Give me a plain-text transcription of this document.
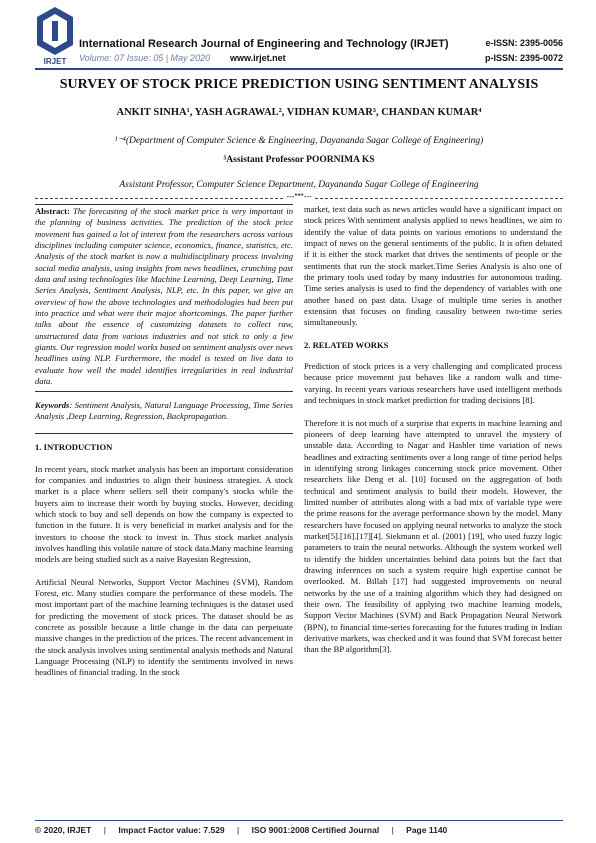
IRJET
International Research Journal of Engineering and Technology (IRJET)
Volume: 07 Issue: 05 | May 2020 www.irjet.net
e-ISSN: 2395-0056
p-ISSN: 2395-0072
SURVEY OF STOCK PRICE PREDICTION USING SENTIMENT ANALYSIS
ANKIT SINHA¹, YASH AGRAWAL², VIDHAN KUMAR³, CHANDAN KUMAR⁴
¹⁻⁴(Department of Computer Science & Engineering, Dayananda Sagar College of Engineering)
⁵Assistant Professor POORNIMA KS
Assistant Professor, Computer Science Department, Dayananda Sagar College of Engineering
---***---

Abstract: The forecasting of the stock market price is very important in the planning of business activities. The prediction of the stock price movement has gained a lot of interest from the researchers across various disciplines including computer science, economics, finance, statistics, etc. Analysis of the stock market is now a multidisciplinary process involving social media analysis, using insights from news headlines, crunching past data and using technologies like Machine Learning, Deep Learning, Time Series Analysis, Sentiment Analysis, NLP, etc. In this paper, we give an overview of how the above technologies and methodologies had been put into practice and what were their major shortcomings. The paper further talks about the essence of customizing datasets to collect raw, unstructured data from various industries and not stick to only a few giants. Our regression model works based on sentiment analysis over news headlines using NLP. Furthermore, the model is tested on live data to evaluate how well the model identifies irregularities in real industrial data.

Keywords: Sentiment Analysis, Natural Language Processing, Time Series Analysis ,Deep Learning, Regression, Backpropagation.

1. INTRODUCTION

In recent years, stock market analysis has been an important consideration for companies and industries to align their business strategies. A stock market is a place where sellers sell their company's stocks while the buyers aim to increase their worth by buying stocks. However, deciding which stock to buy and sell depends on how the company is expected to function in the future. It is very beneficial in market analysis and for the investors to choose the stock to invest in. Thus stock market analysis involves handling this volatile nature of stock data.Many machine learning models are being studied such as a naive Bayesian Regression,

Artificial Neural Networks, Support Vector Machines (SVM), Random Forest, etc. Many studies compare the performance of these models. The most important part of the machine learning techniques is the dataset used for predicting the movement of stock prices. The dataset should be as concrete as possible because a little change in the data can perpetuate massive changes in the prediction of the prices. The recent advancement in the stock analysis involves using sentimental analysis methods and Natural Language Processing (NLP) to identify the sentiments involved in news headlines of financial trading. In the stock

market, text data such as news articles would have a significant impact on stock prices With sentiment analysis applied to news headlines, we aim to identify the value of data points on various emotions to understand the impact of news on the general sentiments of the public. It is often debated if it is either the stock market that drives the sentiments of people or the sentiments that run the stock market.Time Series Analysis is also one of the primary tools used today by many industries for autonomous trading. Time series analysis is used to find the dependency of variables with one another based on past data. Usage of multiple time series is another extension that focuses on finding causality between two-time series simultaneously.

2. RELATED WORKS

Prediction of stock prices is a very challenging and complicated process because price movement just behaves like a random walk and time-varying. In recent years various researchers have used intelligent methods and techniques in stock market prediction for trading decisions [8].

Therefore it is not much of a surprise that experts in machine learning and pioneers of deep learning have attempted to unravel the mystery of unstable data. According to Nagar and Hashler time variation of news headlines and extracting sentiments over a long range of time period helps in identifying strong linkages concerning stock price movement. Other researchers like Deng et al. [10] focused on the aggregation of both technical and sentiment analysis to build their models. However, the limited number of attributes along with a bad mix of variable type were the prime reasons for the average performance shown by the model. Many researchers have focused on applying neural networks to analyze the stock market[5].[16].[17][4]. Siekmann et al. (2001) [19], who used fuzzy logic parameters to train the neural networks. Although the system worked well to identify the hidden uncertainties behind data points but the fact that drawing inferences on such a system require high expertise cannot be overlooked. M. Billah [17] had suggested improvements on neural networks by the use of a training algorithm which they had designed on their own. The feasibility of applying two machine learning models, Support Vector Machines (SVM) and Back Propagation Neural Network (BPN), to financial time-series forecasting for the futures trading in Indian derivative markets, was checked and it was found that SVM forecast better than the BP algorithm[3].

© 2020, IRJET | Impact Factor value: 7.529 | ISO 9001:2008 Certified Journal | Page 1140
